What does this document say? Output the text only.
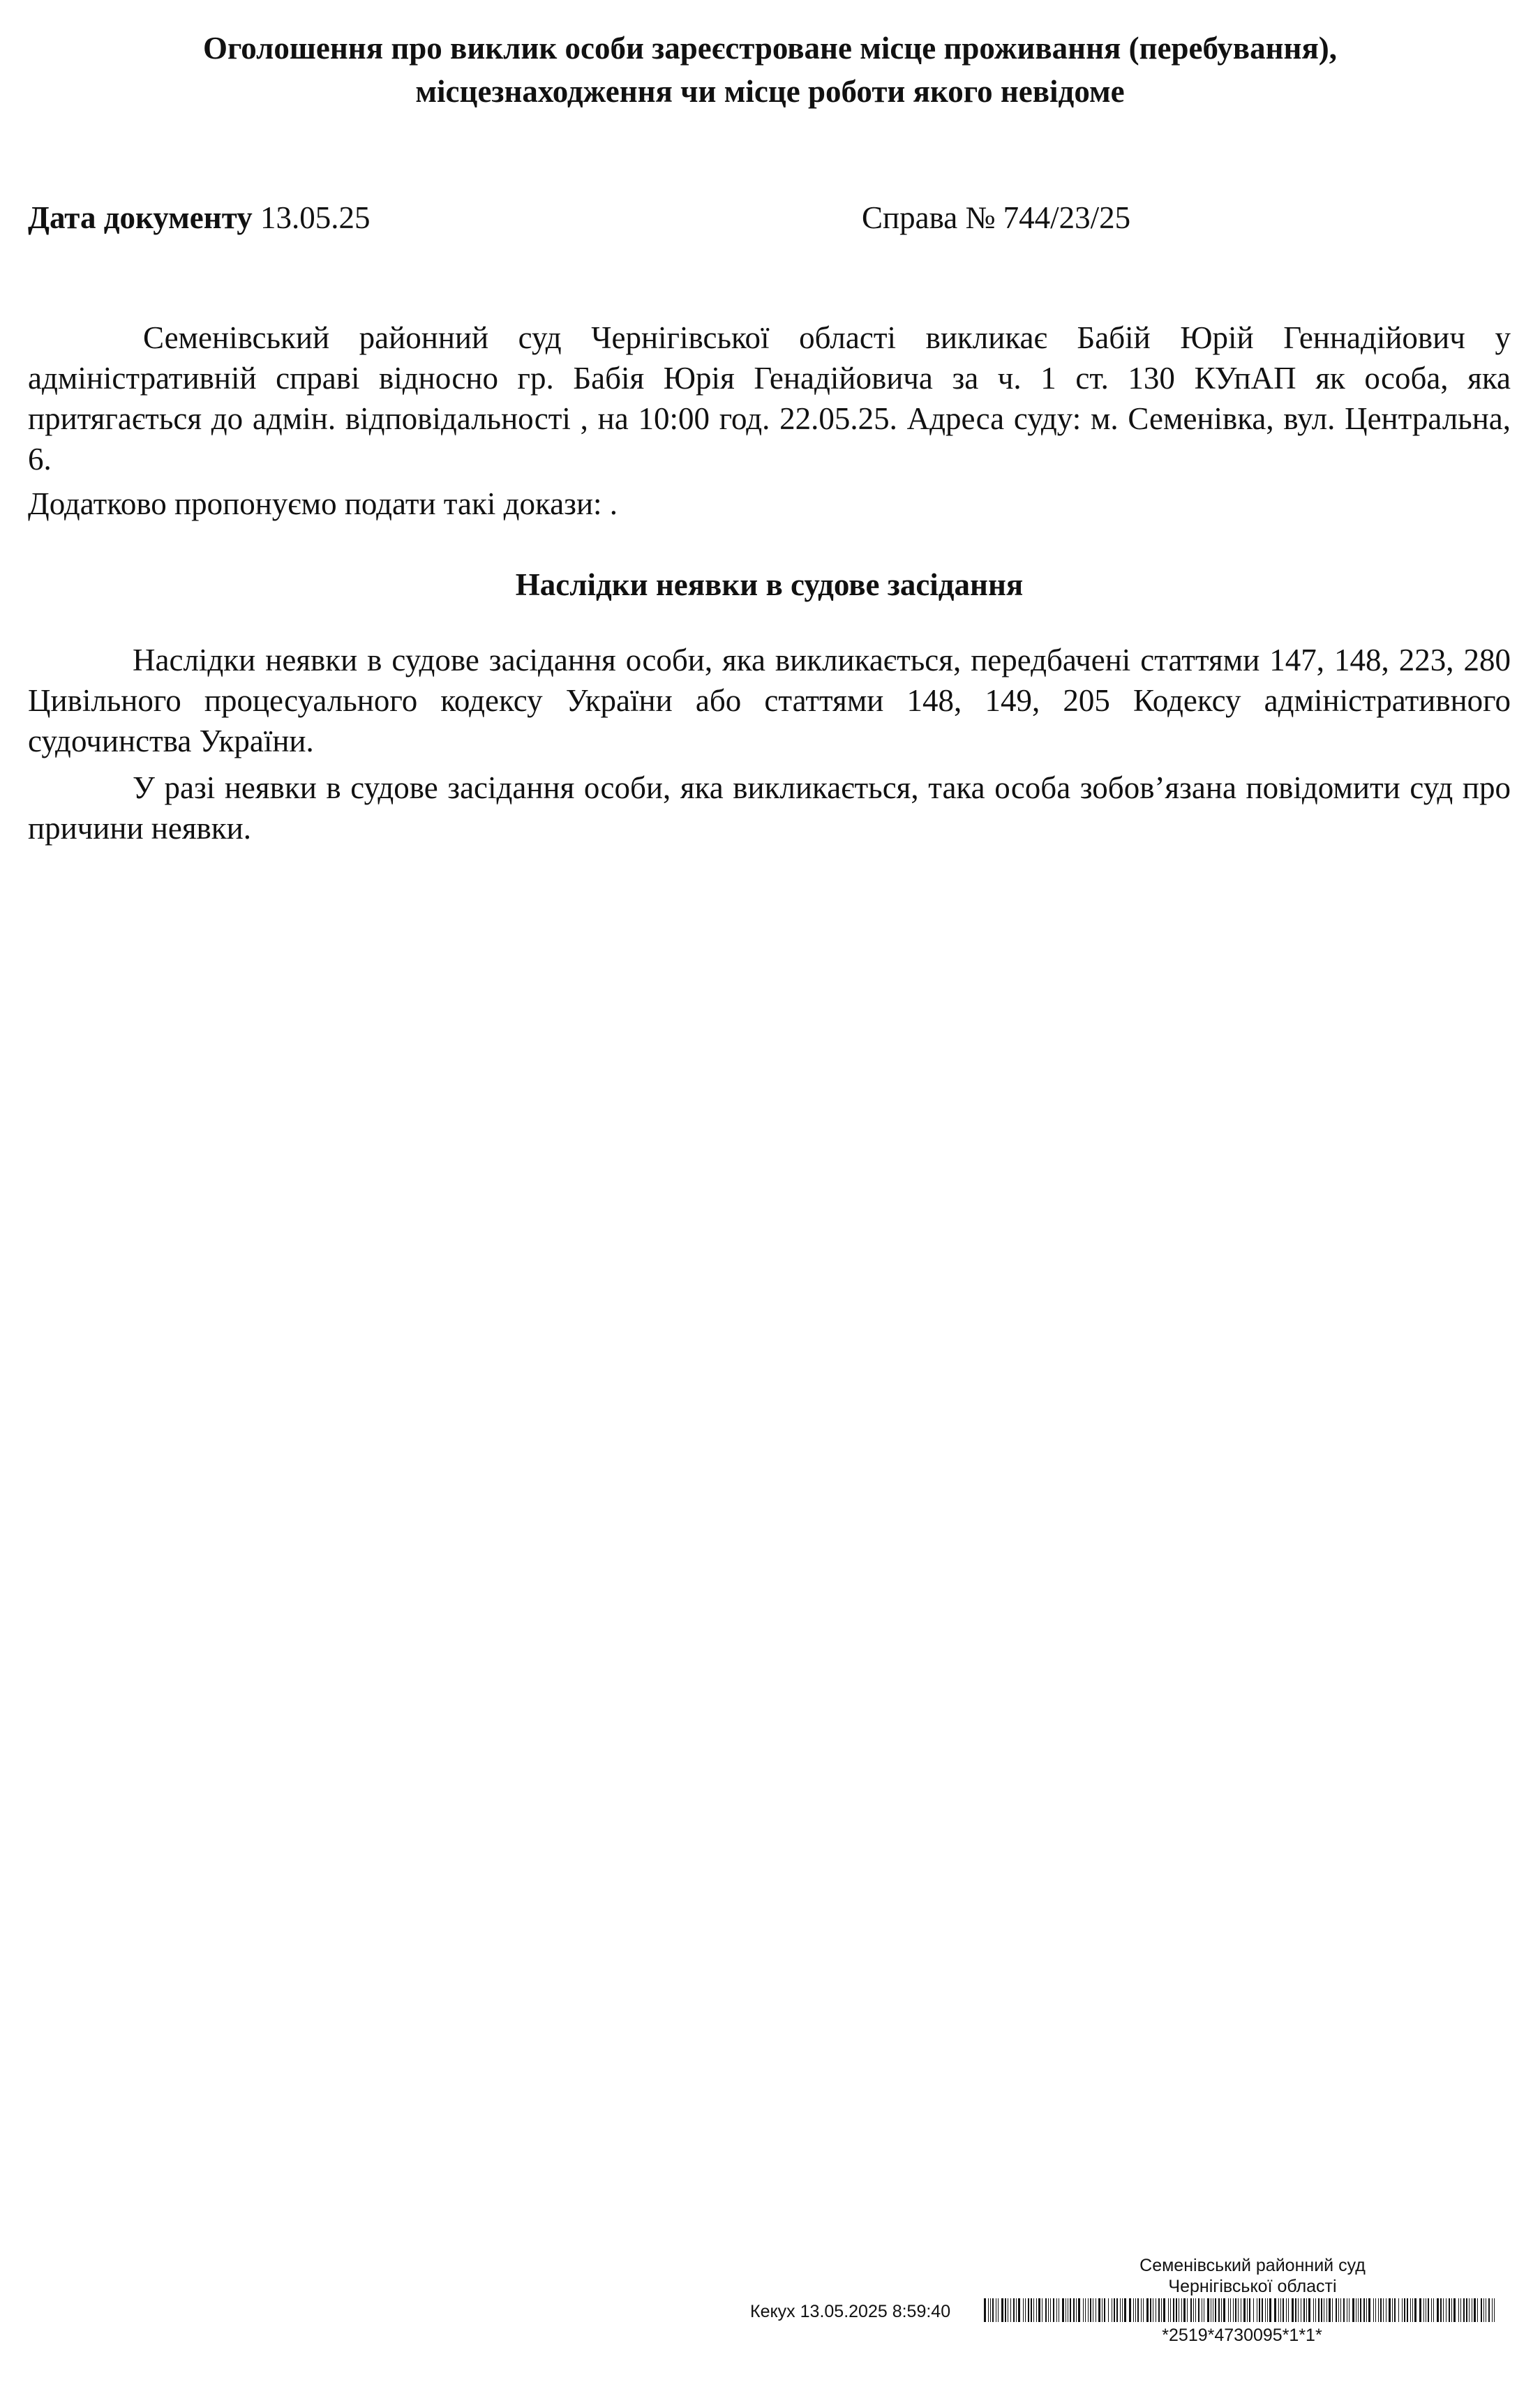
Оголошення про виклик особи зареєстроване місце проживання (перебування),
місцезнаходження чи місце роботи якого невідоме
Дата документу 13.05.25	Справа № 744/23/25

Семенівський районний суд Чернігівської області викликає Бабій Юрій Геннадійович у адміністративній справі відносно гр. Бабія Юрія Генадійовича за ч. 1 ст. 130 КУпАП як особа, яка притягається до адмін. відповідальності , на 10:00 год. 22.05.25. Адреса суду: м. Семенівка, вул. Центральна, 6.

Додатково пропонуємо подати такі докази: .

Наслідки неявки в судове засідання

Наслідки неявки в судове засідання особи, яка викликається, передбачені статтями 147, 148, 223, 280 Цивільного процесуального кодексу України або статтями 148, 149, 205 Кодексу адміністративного судочинства України.

У разі неявки в судове засідання особи, яка викликається, така особа зобов’язана повідомити суд про причини неявки.

Семенівський районний суд
Чернігівської області
Кекух 13.05.2025 8:59:40
*2519*4730095*1*1*
